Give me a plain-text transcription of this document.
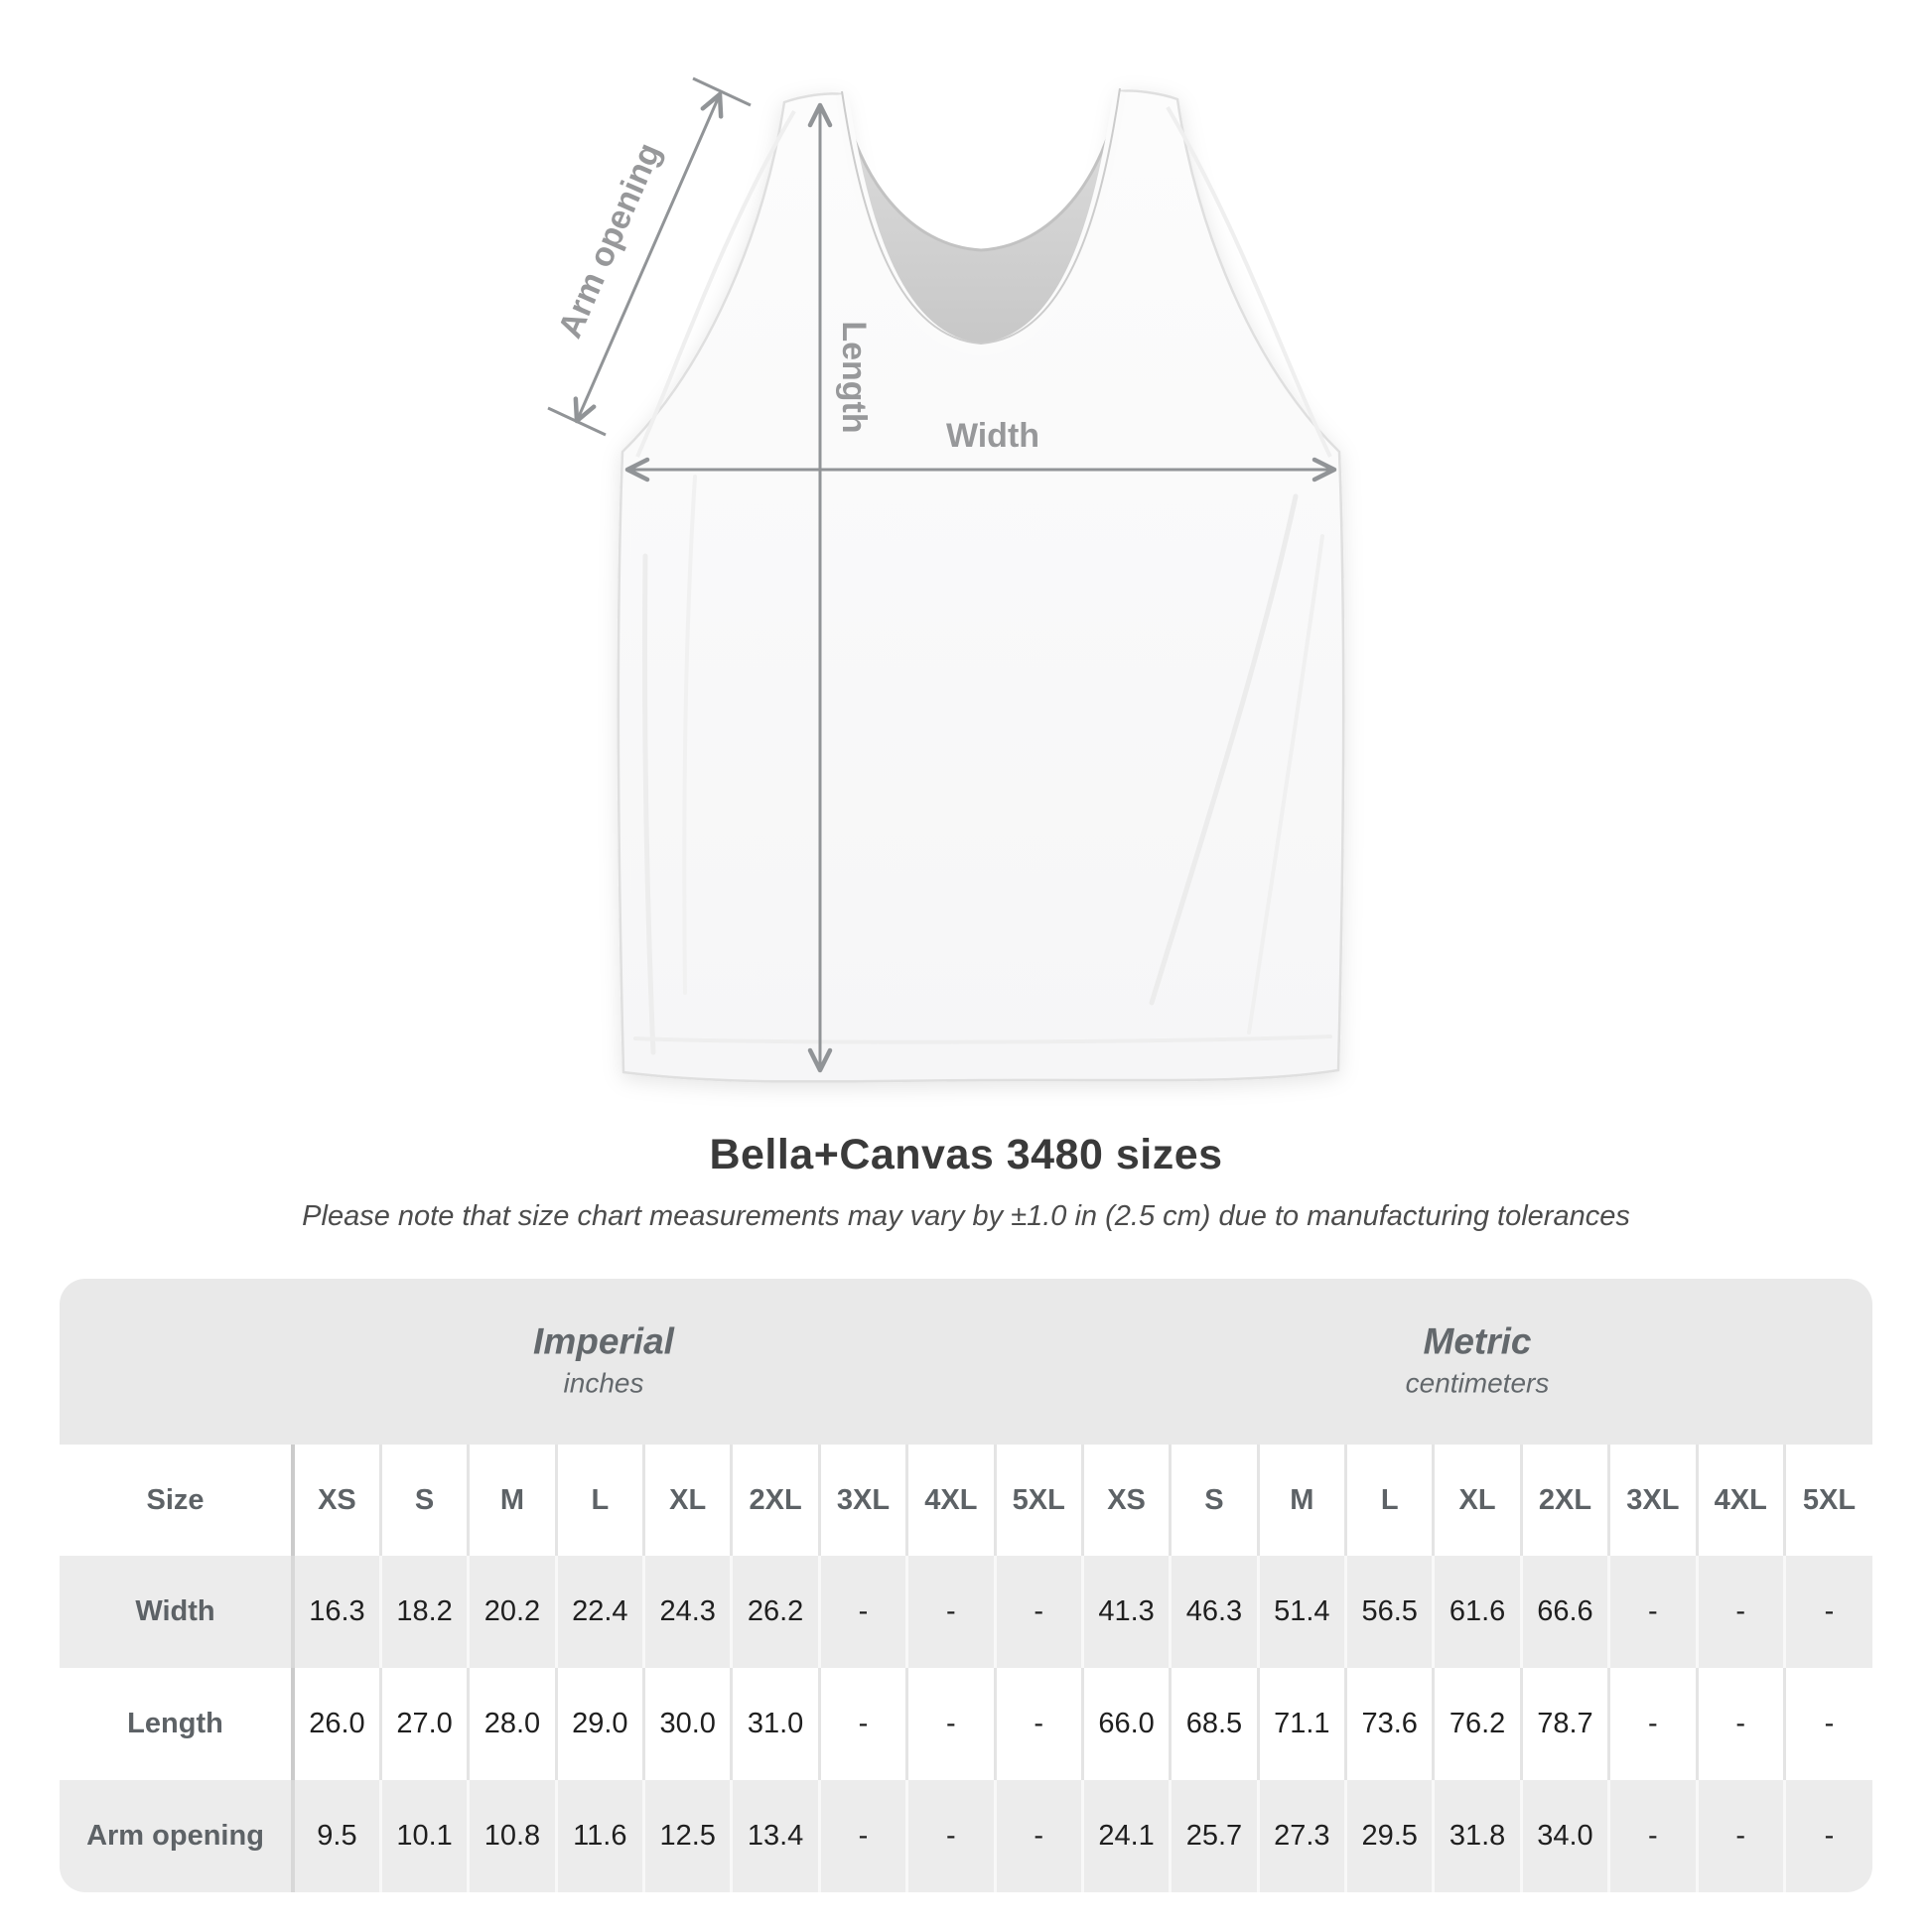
Width
Length
Arm opening
Bella+Canvas 3480 sizes
Please note that size chart measurements may vary by ±1.0 in (2.5 cm) due to manufacturing tolerances
Imperial
inches
Metric
centimeters
Size	XS	S	M	L	XL	2XL	3XL	4XL	5XL	XS	S	M	L	XL	2XL	3XL	4XL	5XL
Width	16.3	18.2	20.2	22.4	24.3	26.2	-	-	-	41.3	46.3	51.4	56.5	61.6	66.6	-	-	-
Length	26.0	27.0	28.0	29.0	30.0	31.0	-	-	-	66.0	68.5	71.1	73.6	76.2	78.7	-	-	-
Arm opening	9.5	10.1	10.8	11.6	12.5	13.4	-	-	-	24.1	25.7	27.3	29.5	31.8	34.0	-	-	-
